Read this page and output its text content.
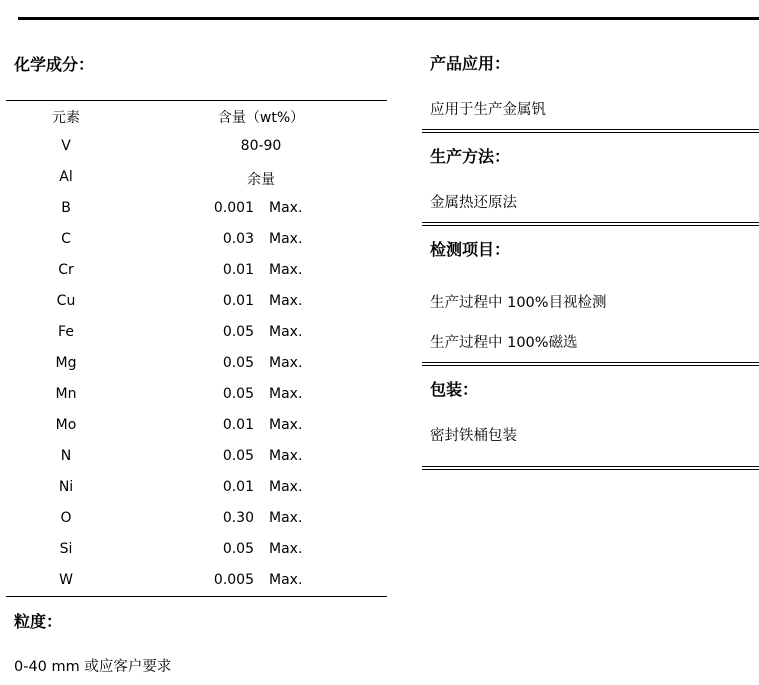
化学成分：
元素	含量（wt%）
V	80-90
Al	余量
B	0.001 Max.
C	0.03 Max.
Cr	0.01 Max.
Cu	0.01 Max.
Fe	0.05 Max.
Mg	0.05 Max.
Mn	0.05 Max.
Mo	0.01 Max.
N	0.05 Max.
Ni	0.01 Max.
O	0.30 Max.
Si	0.05 Max.
W	0.005 Max.
粒度：
0-40 mm 或应客户要求
产品应用：
应用于生产金属钒
生产方法：
金属热还原法
检测项目：
生产过程中 100%目视检测
生产过程中 100%磁选
包装：
密封铁桶包装
